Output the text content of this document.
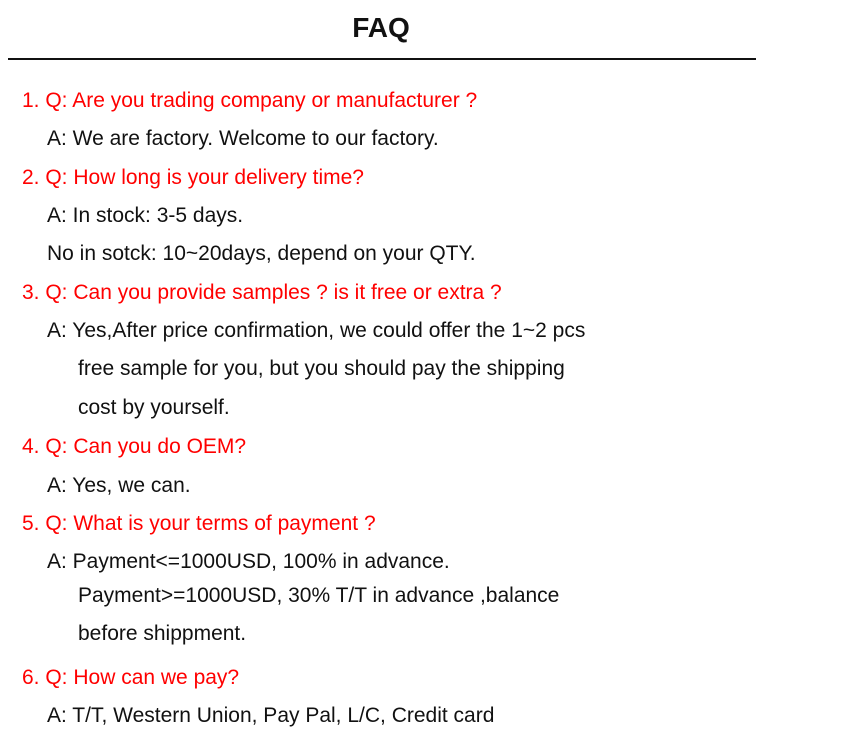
FAQ
1. Q: Are you trading company or manufacturer ?
A: We are factory. Welcome to our factory.
2. Q: How long is your delivery time?
A: In stock: 3-5 days.
No in sotck: 10~20days, depend on your QTY.
3. Q: Can you provide samples ? is it free or extra ?
A: Yes,After price confirmation, we could offer the 1~2 pcs
free sample for you, but you should pay the shipping
cost by yourself.
4. Q: Can you do OEM?
A: Yes, we can.
5. Q: What is your terms of payment ?
A: Payment<=1000USD, 100% in advance.
Payment>=1000USD, 30% T/T in advance ,balance
before shippment.
6. Q: How can we pay?
A: T/T, Western Union, Pay Pal, L/C, Credit card
